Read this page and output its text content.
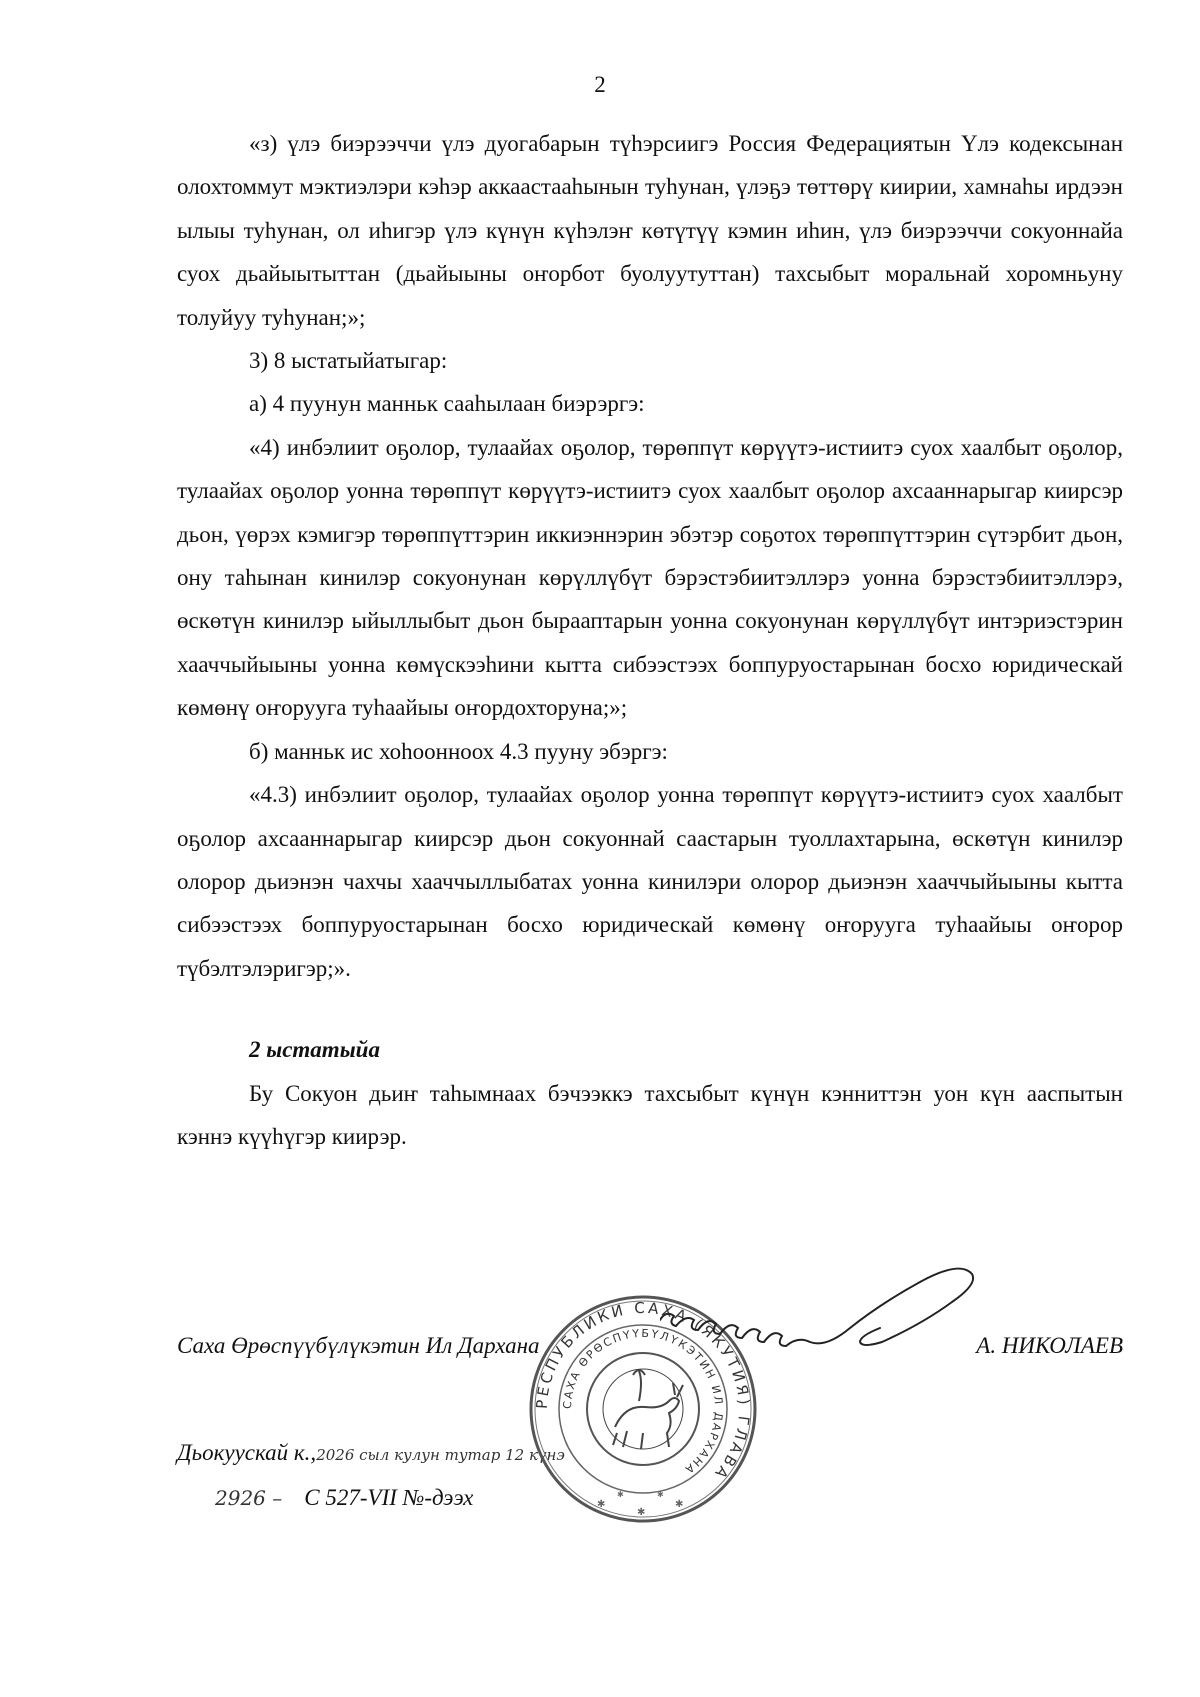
2

«з) үлэ биэрээччи үлэ дуогабарын түһэрсиигэ Россия Федерациятын Үлэ кодексынан олохтоммут мэктиэлэри кэһэр аккаастааһынын туһунан, үлэҕэ төттөрү киирии, хамнаһы ирдээн ылыы туһунан, ол иһигэр үлэ күнүн күһэлэҥ көтүтүү кэмин иһин, үлэ биэрээччи сокуоннайа суох дьайыытыттан (дьайыыны оҥорбот буолуутуттан) тахсыбыт моральнай хоромньуну толуйуу туһунан;»;

3) 8 ыстатыйатыгар:

а) 4 пуунун манньк сааһылаан биэрэргэ:

«4) инбэлиит оҕолор, тулаайах оҕолор, төрөппүт көрүүтэ-истиитэ суох хаалбыт оҕолор, тулаайах оҕолор уонна төрөппүт көрүүтэ-истиитэ суох хаалбыт оҕолор ахсааннарыгар киирсэр дьон, үөрэх кэмигэр төрөппүттэрин иккиэннэрин эбэтэр соҕотох төрөппүттэрин сүтэрбит дьон, ону таһынан кинилэр сокуонунан көрүллүбүт бэрэстэбиитэллэрэ уонна бэрэстэбиитэллэрэ, өскөтүн кинилэр ыйыллыбыт дьон бырааптарын уонна сокуонунан көрүллүбүт интэриэстэрин хааччыйыыны уонна көмүскээһини кытта сибээстээх боппуруостарынан босхо юридическай көмөнү оҥорууга туһаайыы оҥордохторуна;»;

б) манньк ис хоһоонноох 4.3 пууну эбэргэ:

«4.3) инбэлиит оҕолор, тулаайах оҕолор уонна төрөппүт көрүүтэ-истиитэ суох хаалбыт оҕолор ахсааннарыгар киирсэр дьон сокуоннай саастарын туоллахтарына, өскөтүн кинилэр олорор дьиэнэн чахчы хааччыллыбатах уонна кинилэри олорор дьиэнэн хааччыйыыны кытта сибээстээх боппуруостарынан босхо юридическай көмөнү оҥорууга туһаайыы оҥорор түбэлтэлэригэр;».

2 ыстатыйа

Бу Сокуон дьиҥ таһымнаах бэчээккэ тахсыбыт күнүн кэнниттэн уон күн ааспытын кэннэ күүһүгэр киирэр.

Саха Өрөспүүбүлүкэтин Ил Дарханa	А. НИКОЛАЕВ
Дьокуускай к.,2026 сыл кулун тутар 12 күнэ
2926 – С 527-VII №-дээх
РЕСПУБЛИКИ САХА (ЯКУТИЯ) ГЛАВА
САХА ӨРӨСПҮҮБҮЛҮКЭТИН ИЛ ДАРХАНА
✱
✱
✱
✱	✱
